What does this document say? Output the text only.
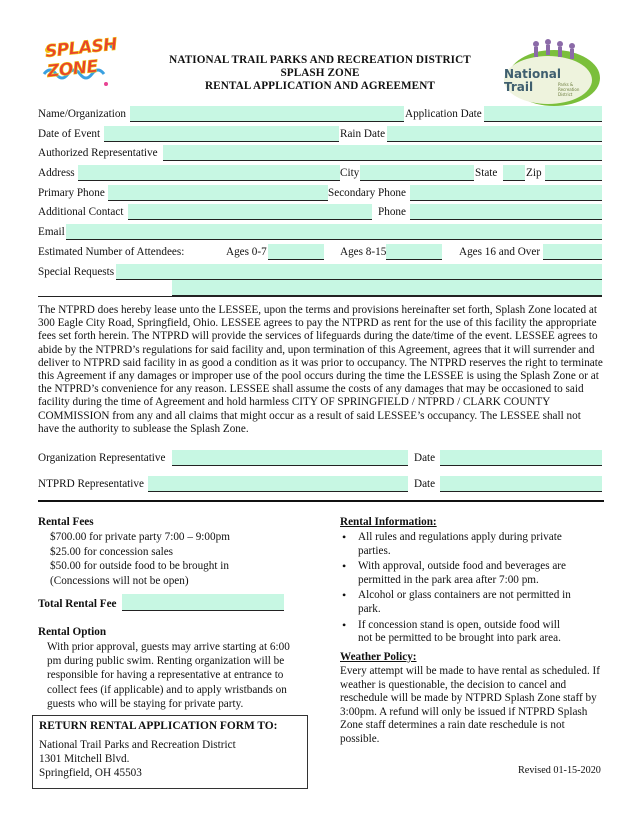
SPLASH ZONE	National Trail	Parks & Recreation District
NATIONAL TRAIL PARKS AND RECREATION DISTRICT
SPLASH ZONE
RENTAL APPLICATION AND AGREEMENT
Name/Organization	Application Date
Date of Event	Rain Date
Authorized Representative
Address	City	State	Zip
Primary Phone	Secondary Phone
Additional Contact	Phone
Email
Estimated Number of Attendees:	Ages 0-7	Ages 8-15	Ages 16 and Over
Special Requests
The NTPRD does hereby lease unto the LESSEE, upon the terms and provisions hereinafter set forth, Splash Zone located at 300 Eagle City Road, Springfield, Ohio. LESSEE agrees to pay the NTPRD as rent for the use of this facility the appropriate fees set forth herein. The NTPRD will provide the services of lifeguards during the date/time of the event. LESSEE agrees to abide by the NTPRD’s regulations for said facility and, upon termination of this Agreement, agrees that it will surrender and deliver to NTPRD said facility in as good a condition as it was prior to occupancy. The NTPRD reserves the right to terminate this Agreement if any damages or improper use of the pool occurs during the time the LESSEE is using the Splash Zone or at the NTPRD’s convenience for any reason. LESSEE shall assume the costs of any damages that may be occasioned to said facility during the time of Agreement and hold harmless CITY OF SPRINGFIELD / NTPRD / CLARK COUNTY COMMISSION from any and all claims that might occur as a result of said LESSEE’s occupancy. The LESSEE shall not have the authority to sublease the Splash Zone.
Organization Representative	Date
NTPRD Representative	Date
Rental Fees
$700.00 for private party 7:00 – 9:00pm
$25.00 for concession sales
$50.00 for outside food to be brought in
(Concessions will not be open)
Total Rental Fee
Rental Option
With prior approval, guests may arrive starting at 6:00 pm during public swim. Renting organization will be responsible for having a representative at entrance to collect fees (if applicable) and to apply wristbands on guests who will be staying for private party.
RETURN RENTAL APPLICATION FORM TO:
National Trail Parks and Recreation District
1301 Mitchell Blvd.
Springfield, OH 45503
Rental Information:
• All rules and regulations apply during private parties.
• With approval, outside food and beverages are permitted in the park area after 7:00 pm.
• Alcohol or glass containers are not permitted in park.
• If concession stand is open, outside food will not be permitted to be brought into park area.
Weather Policy:
Every attempt will be made to have rental as scheduled. If weather is questionable, the decision to cancel and reschedule will be made by NTPRD Splash Zone staff by 3:00pm. A refund will only be issued if NTPRD Splash Zone staff determines a rain date reschedule is not possible.
Revised 01-15-2020
